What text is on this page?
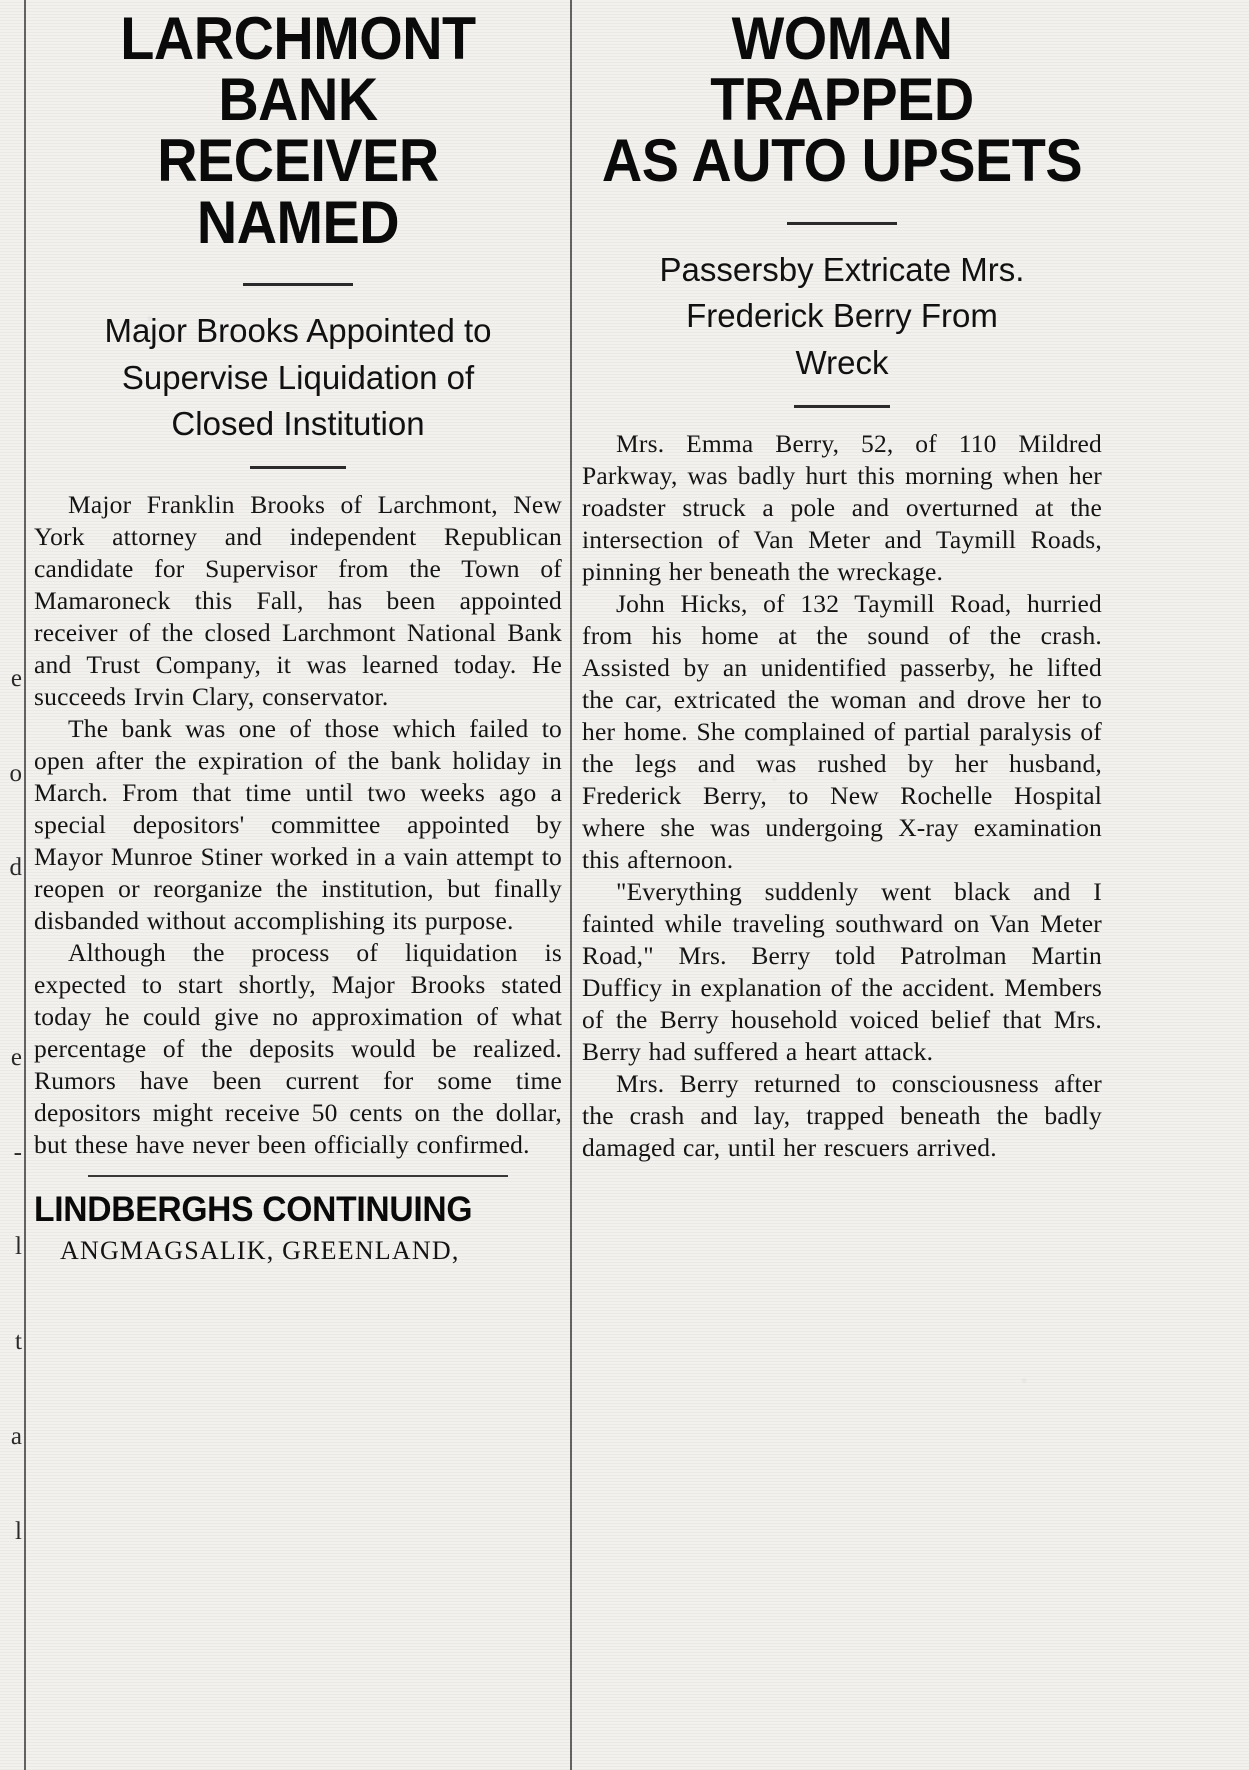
e

o

d

e

-

l

t

a

l

LARCHMONT BANK
RECEIVER NAMED
Major Brooks Appointed to
Supervise Liquidation of
Closed Institution

Major Franklin Brooks of Larchmont, New York attorney and independent Republican candidate for Supervisor from the Town of Mamaroneck this Fall, has been appointed receiver of the closed Larchmont National Bank and Trust Company, it was learned today. He succeeds Irvin Clary, conservator.

The bank was one of those which failed to open after the expiration of the bank holiday in March. From that time until two weeks ago a special depositors' committee appointed by Mayor Munroe Stiner worked in a vain attempt to reopen or reorganize the institution, but finally disbanded without accomplishing its purpose.

Although the process of liquidation is expected to start shortly, Major Brooks stated today he could give no approximation of what percentage of the deposits would be realized. Rumors have been current for some time depositors might receive 50 cents on the dollar, but these have never been officially confirmed.

LINDBERGHS CONTINUING
ANGMAGSALIK, GREENLAND,
WOMAN TRAPPED
AS AUTO UPSETS
Passersby Extricate Mrs.
Frederick Berry From
Wreck

Mrs. Emma Berry, 52, of 110 Mildred Parkway, was badly hurt this morning when her roadster struck a pole and overturned at the intersection of Van Meter and Taymill Roads, pinning her beneath the wreckage.

John Hicks, of 132 Taymill Road, hurried from his home at the sound of the crash. Assisted by an unidentified passerby, he lifted the car, extricated the woman and drove her to her home. She complained of partial paralysis of the legs and was rushed by her husband, Frederick Berry, to New Rochelle Hospital where she was undergoing X-ray examination this afternoon.

"Everything suddenly went black and I fainted while traveling southward on Van Meter Road," Mrs. Berry told Patrolman Martin Dufficy in explanation of the accident. Members of the Berry household voiced belief that Mrs. Berry had suffered a heart attack.

Mrs. Berry returned to consciousness after the crash and lay, trapped beneath the badly damaged car, until her rescuers arrived.
